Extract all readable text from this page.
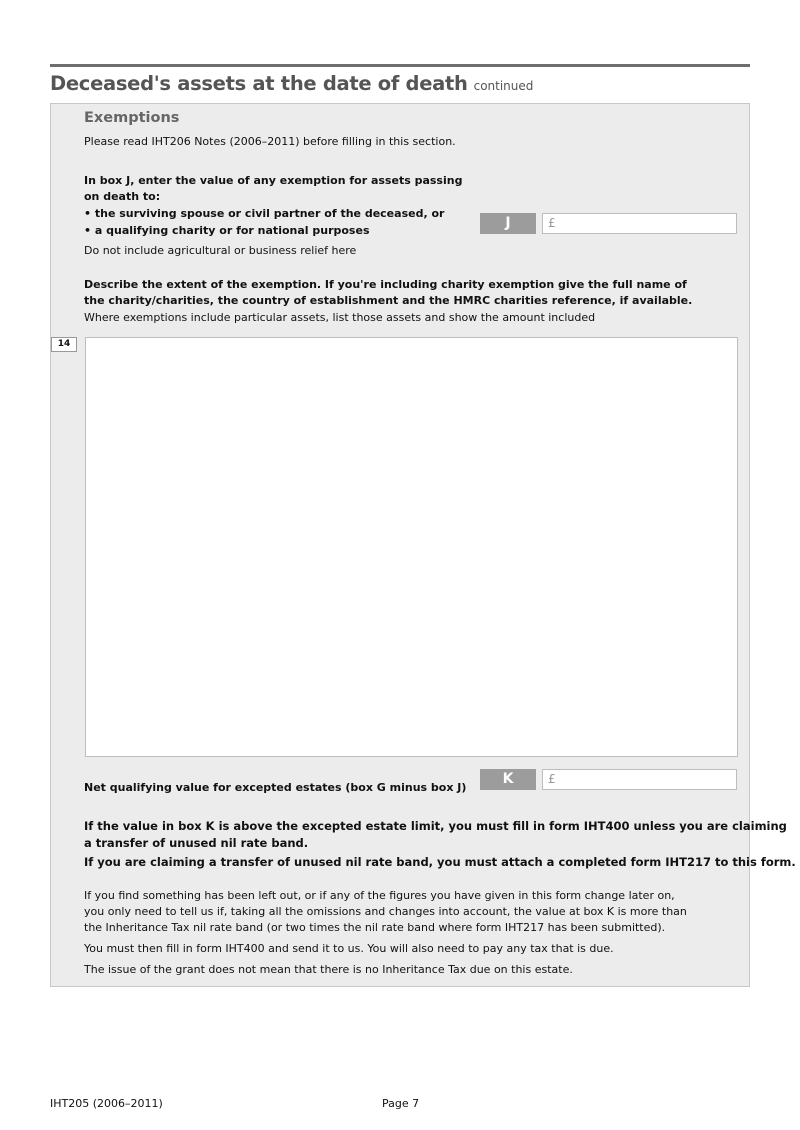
Deceased's assets at the date of death continued
Exemptions
Please read IHT206 Notes (2006–2011) before filling in this section.
In box J, enter the value of any exemption for assets passing
on death to:
• the surviving spouse or civil partner of the deceased, or
• a qualifying charity or for national purposes
Do not include agricultural or business relief here
J	£
Describe the extent of the exemption. If you're including charity exemption give the full name of
the charity/charities, the country of establishment and the HMRC charities reference, if available.
Where exemptions include particular assets, list those assets and show the amount included
14
Net qualifying value for excepted estates (box G minus box J)
K	£
If the value in box K is above the excepted estate limit, you must fill in form IHT400 unless you are claiming
a transfer of unused nil rate band.
If you are claiming a transfer of unused nil rate band, you must attach a completed form IHT217 to this form.
If you find something has been left out, or if any of the figures you have given in this form change later on,
you only need to tell us if, taking all the omissions and changes into account, the value at box K is more than
the Inheritance Tax nil rate band (or two times the nil rate band where form IHT217 has been submitted).
You must then fill in form IHT400 and send it to us. You will also need to pay any tax that is due.
The issue of the grant does not mean that there is no Inheritance Tax due on this estate.
IHT205 (2006–2011)	Page 7
